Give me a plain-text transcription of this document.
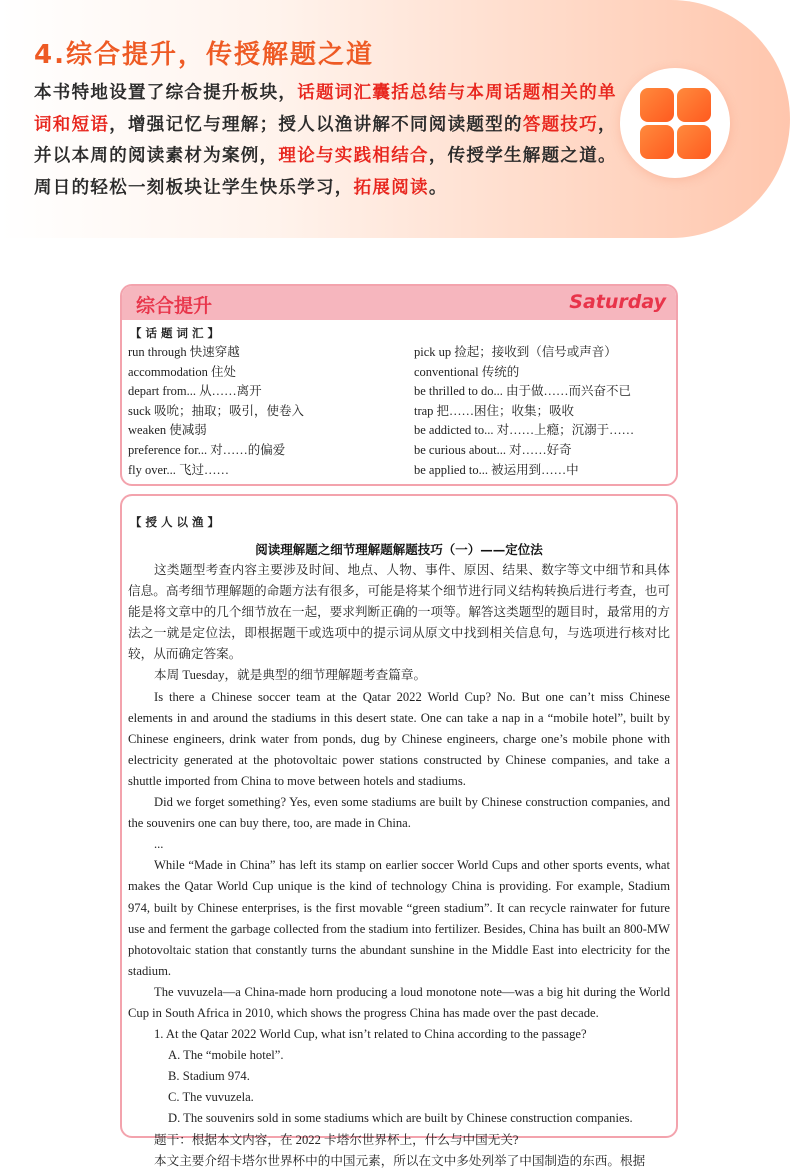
4.综合提升，传授解题之道
本书特地设置了综合提升板块，话题词汇囊括总结与本周话题相关的单词和短语，增强记忆与理解；授人以渔讲解不同阅读题型的答题技巧，并以本周的阅读素材为案例，理论与实践相结合，传授学生解题之道。周日的轻松一刻板块让学生快乐学习，拓展阅读。
综合提升	Saturday
【 话 题 词 汇 】
run through 快速穿越
accommodation 住处
depart from... 从……离开
suck 吸吮；抽取；吸引，使卷入
weaken 使减弱
preference for... 对……的偏爱
fly over... 飞过……
pick up 捡起；接收到（信号或声音）
conventional 传统的
be thrilled to do... 由于做……而兴奋不已
trap 把……困住；收集；吸收
be addicted to... 对……上瘾；沉溺于……
be curious about... 对……好奇
be applied to... 被运用到……中
【 授 人 以 渔 】
阅读理解题之细节理解题解题技巧（一）——定位法

这类题型考查内容主要涉及时间、地点、人物、事件、原因、结果、数字等文中细节和具体信息。高考细节理解题的命题方法有很多，可能是将某个细节进行同义结构转换后进行考查，也可能是将文章中的几个细节放在一起，要求判断正确的一项等。解答这类题型的题目时，最常用的方法之一就是定位法，即根据题干或选项中的提示词从原文中找到相关信息句，与选项进行核对比较，从而确定答案。

本周 Tuesday，就是典型的细节理解题考查篇章。

Is there a Chinese soccer team at the Qatar 2022 World Cup? No. But one can’t miss Chinese elements in and around the stadiums in this desert state. One can take a nap in a “mobile hotel”, built by Chinese engineers, drink water from ponds, dug by Chinese engineers, charge one’s mobile phone with electricity generated at the photovoltaic power stations constructed by Chinese companies, and take a shuttle imported from China to move between hotels and stadiums.

Did we forget something? Yes, even some stadiums are built by Chinese construction companies, and the souvenirs one can buy there, too, are made in China.

...

While “Made in China” has left its stamp on earlier soccer World Cups and other sports events, what makes the Qatar World Cup unique is the kind of technology China is providing. For example, Stadium 974, built by Chinese enterprises, is the first movable “green stadium”. It can recycle rainwater for future use and ferment the garbage collected from the stadium into fertilizer. Besides, China has built an 800-MW photovoltaic station that constantly turns the abundant sunshine in the Middle East into electricity for the stadium.

The vuvuzela—a China-made horn producing a loud monotone note—was a big hit during the World Cup in South Africa in 2010, which shows the progress China has made over the past decade.

1. At the Qatar 2022 World Cup, what isn’t related to China according to the passage?

A. The “mobile hotel”.

B. Stadium 974.

C. The vuvuzela.

D. The souvenirs sold in some stadiums which are built by Chinese construction companies.

题干：根据本文内容，在 2022 卡塔尔世界杯上，什么与中国无关?

本文主要介绍卡塔尔世界杯中的中国元素，所以在文中多处列举了中国制造的东西。根据
